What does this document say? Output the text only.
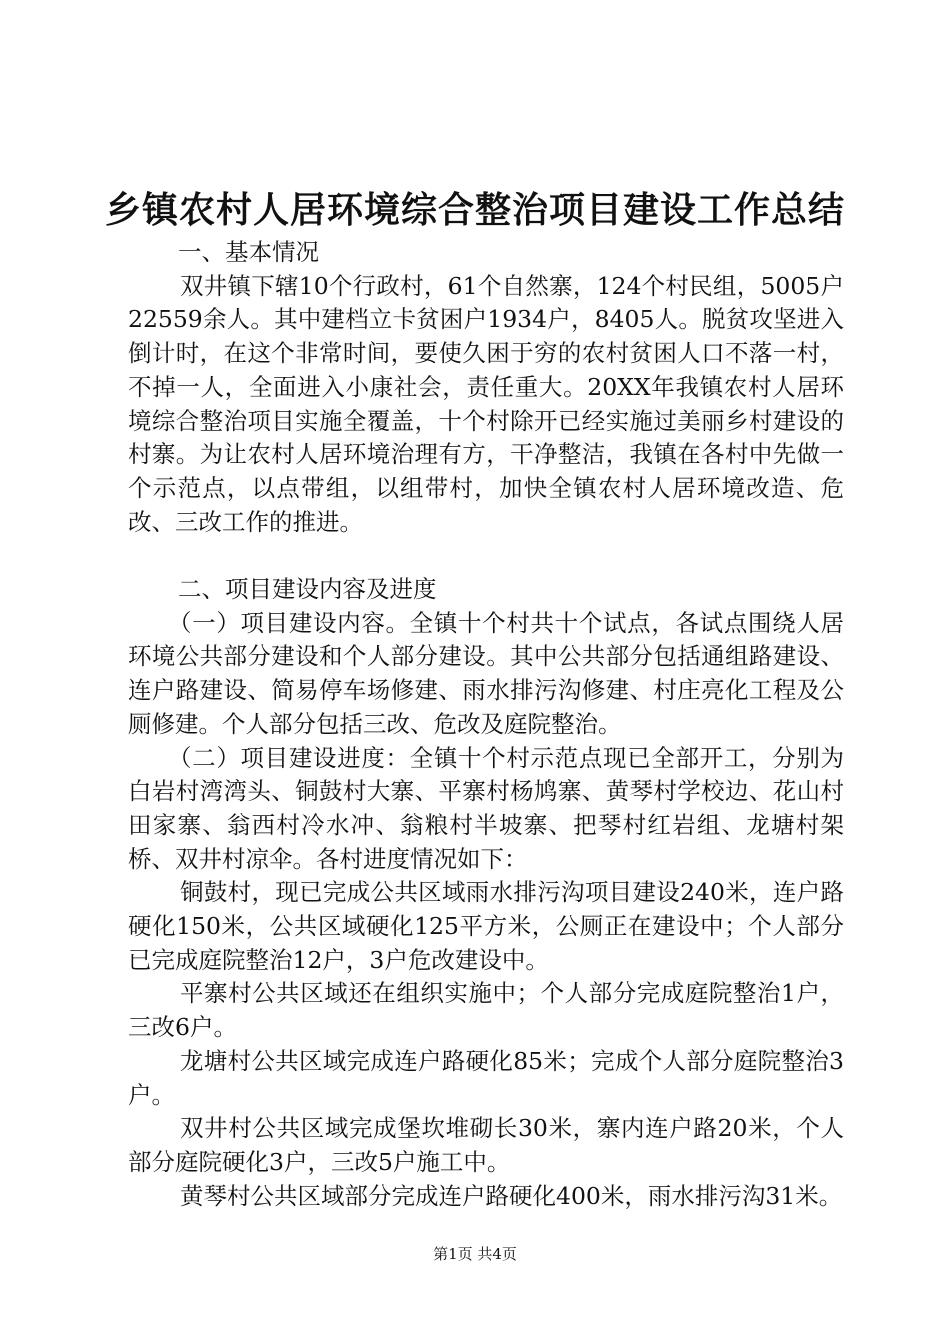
乡镇农村人居环境综合整治项目建设工作总结

一、基本情况

双井镇下辖10个行政村，61个自然寨，124个村民组，5005户22559余人。其中建档立卡贫困户1934户，8405人。脱贫攻坚进入倒计时，在这个非常时间，要使久困于穷的农村贫困人口不落一村，不掉一人，全面进入小康社会，责任重大。20XX年我镇农村人居环境综合整治项目实施全覆盖，十个村除开已经实施过美丽乡村建设的村寨。为让农村人居环境治理有方，干净整洁，我镇在各村中先做一个示范点，以点带组，以组带村，加快全镇农村人居环境改造、危改、三改工作的推进。

二、项目建设内容及进度

（一）项目建设内容。全镇十个村共十个试点，各试点围绕人居环境公共部分建设和个人部分建设。其中公共部分包括通组路建设、连户路建设、简易停车场修建、雨水排污沟修建、村庄亮化工程及公厕修建。个人部分包括三改、危改及庭院整治。

（二）项目建设进度：全镇十个村示范点现已全部开工，分别为白岩村湾湾头、铜鼓村大寨、平寨村杨鸠寨、黄琴村学校边、花山村田家寨、翁西村冷水冲、翁粮村半坡寨、把琴村红岩组、龙塘村架桥、双井村凉伞。各村进度情况如下：

铜鼓村，现已完成公共区域雨水排污沟项目建设240米，连户路硬化150米，公共区域硬化125平方米，公厕正在建设中；个人部分已完成庭院整治12户，3户危改建设中。

平寨村公共区域还在组织实施中；个人部分完成庭院整治1户，三改6户。

龙塘村公共区域完成连户路硬化85米；完成个人部分庭院整治3户。

双井村公共区域完成堡坎堆砌长30米，寨内连户路20米，个人部分庭院硬化3户，三改5户施工中。

黄琴村公共区域部分完成连户路硬化400米，雨水排污沟31米。

第1页 共4页
